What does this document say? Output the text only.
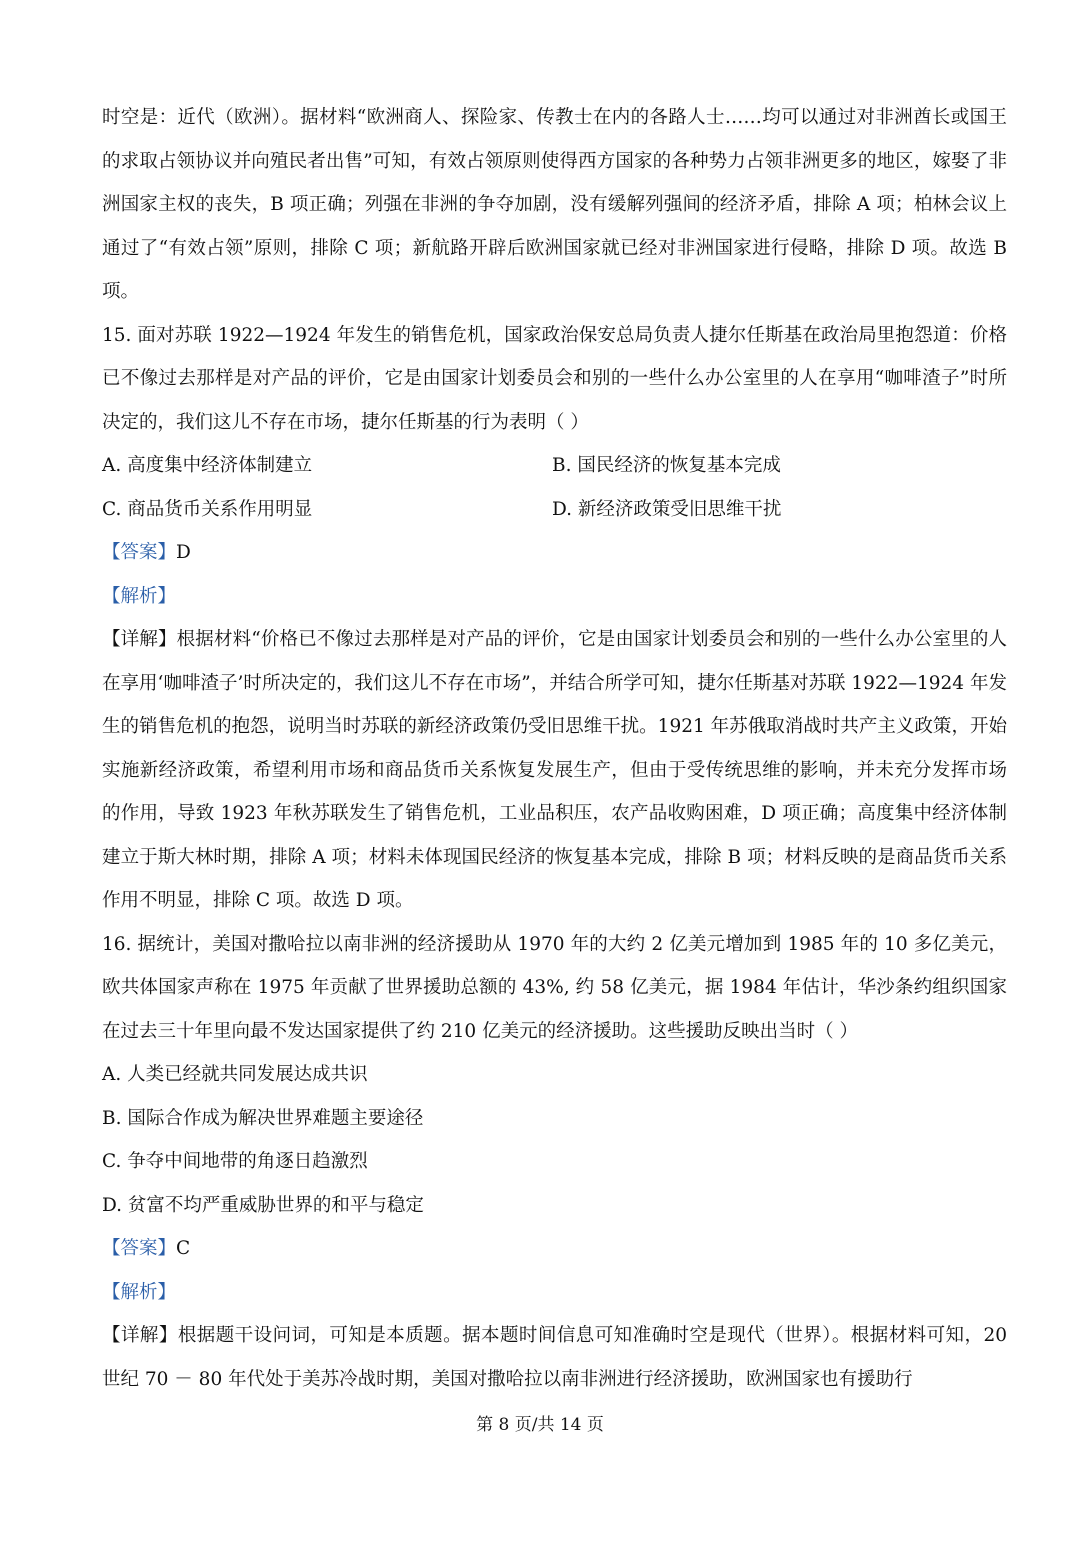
时空是：近代（欧洲）。据材料“欧洲商人、探险家、传教士在内的各路人士……均可以通过对非洲酋长或国王的求取占领协议并向殖民者出售”可知，有效占领原则使得西方国家的各种势力占领非洲更多的地区，嫁娶了非洲国家主权的丧失，B 项正确；列强在非洲的争夺加剧，没有缓解列强间的经济矛盾，排除 A 项；柏林会议上通过了“有效占领”原则，排除 C 项；新航路开辟后欧洲国家就已经对非洲国家进行侵略，排除 D 项。故选 B 项。

15. 面对苏联 1922—1924 年发生的销售危机，国家政治保安总局负责人捷尔任斯基在政治局里抱怨道：价格已不像过去那样是对产品的评价，它是由国家计划委员会和别的一些什么办公室里的人在享用“咖啡渣子”时所决定的，我们这儿不存在市场，捷尔任斯基的行为表明（ ）

A. 高度集中经济体制建立	B. 国民经济的恢复基本完成
C. 商品货币关系作用明显	D. 新经济政策受旧思维干扰

【答案】D

【解析】

【详解】根据材料“价格已不像过去那样是对产品的评价，它是由国家计划委员会和别的一些什么办公室里的人在享用‘咖啡渣子’时所决定的，我们这儿不存在市场”，并结合所学可知，捷尔任斯基对苏联 1922—1924 年发生的销售危机的抱怨，说明当时苏联的新经济政策仍受旧思维干扰。1921 年苏俄取消战时共产主义政策，开始实施新经济政策，希望利用市场和商品货币关系恢复发展生产，但由于受传统思维的影响，并未充分发挥市场的作用，导致 1923 年秋苏联发生了销售危机，工业品积压，农产品收购困难，D 项正确；高度集中经济体制建立于斯大林时期，排除 A 项；材料未体现国民经济的恢复基本完成，排除 B 项；材料反映的是商品货币关系作用不明显，排除 C 项。故选 D 项。

16. 据统计，美国对撒哈拉以南非洲的经济援助从 1970 年的大约 2 亿美元增加到 1985 年的 10 多亿美元，欧共体国家声称在 1975 年贡献了世界援助总额的 43%, 约 58 亿美元，据 1984 年估计，华沙条约组织国家在过去三十年里向最不发达国家提供了约 210 亿美元的经济援助。这些援助反映出当时（ ）

A. 人类已经就共同发展达成共识

B. 国际合作成为解决世界难题主要途径

C. 争夺中间地带的角逐日趋激烈

D. 贫富不均严重威胁世界的和平与稳定

【答案】C

【解析】

【详解】根据题干设问词，可知是本质题。据本题时间信息可知准确时空是现代（世界）。根据材料可知，20 世纪 70 － 80 年代处于美苏冷战时期，美国对撒哈拉以南非洲进行经济援助，欧洲国家也有援助行

第 8 页/共 14 页
